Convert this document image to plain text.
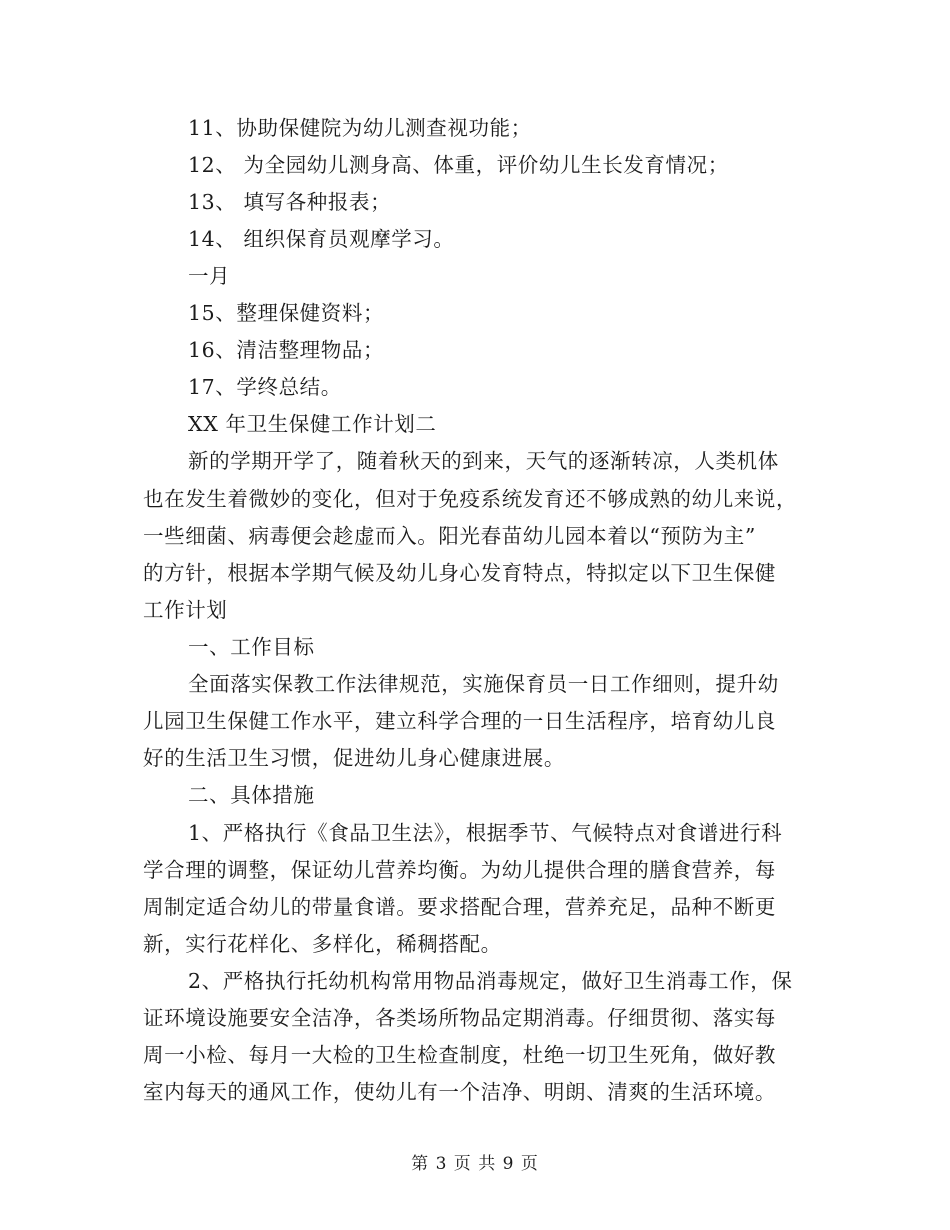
11、协助保健院为幼儿测查视功能；
12、 为全园幼儿测身高、体重，评价幼儿生长发育情况；
13、 填写各种报表；
14、 组织保育员观摩学习。
一月
15、整理保健资料；
16、清洁整理物品；
17、学终总结。
XX 年卫生保健工作计划二
新的学期开学了，随着秋天的到来，天气的逐渐转凉，人类机体
也在发生着微妙的变化，但对于免疫系统发育还不够成熟的幼儿来说，
一些细菌、病毒便会趁虚而入。阳光春苗幼儿园本着以“预防为主”
的方针，根据本学期气候及幼儿身心发育特点，特拟定以下卫生保健
工作计划
一、工作目标
全面落实保教工作法律规范，实施保育员一日工作细则，提升幼
儿园卫生保健工作水平，建立科学合理的一日生活程序，培育幼儿良
好的生活卫生习惯，促进幼儿身心健康进展。
二、具体措施
1、严格执行《食品卫生法》，根据季节、气候特点对食谱进行科
学合理的调整，保证幼儿营养均衡。为幼儿提供合理的膳食营养，每
周制定适合幼儿的带量食谱。要求搭配合理，营养充足，品种不断更
新，实行花样化、多样化，稀稠搭配。
2、严格执行托幼机构常用物品消毒规定，做好卫生消毒工作，保
证环境设施要安全洁净，各类场所物品定期消毒。仔细贯彻、落实每
周一小检、每月一大检的卫生检查制度，杜绝一切卫生死角，做好教
室内每天的通风工作，使幼儿有一个洁净、明朗、清爽的生活环境。
第 3 页 共 9 页
